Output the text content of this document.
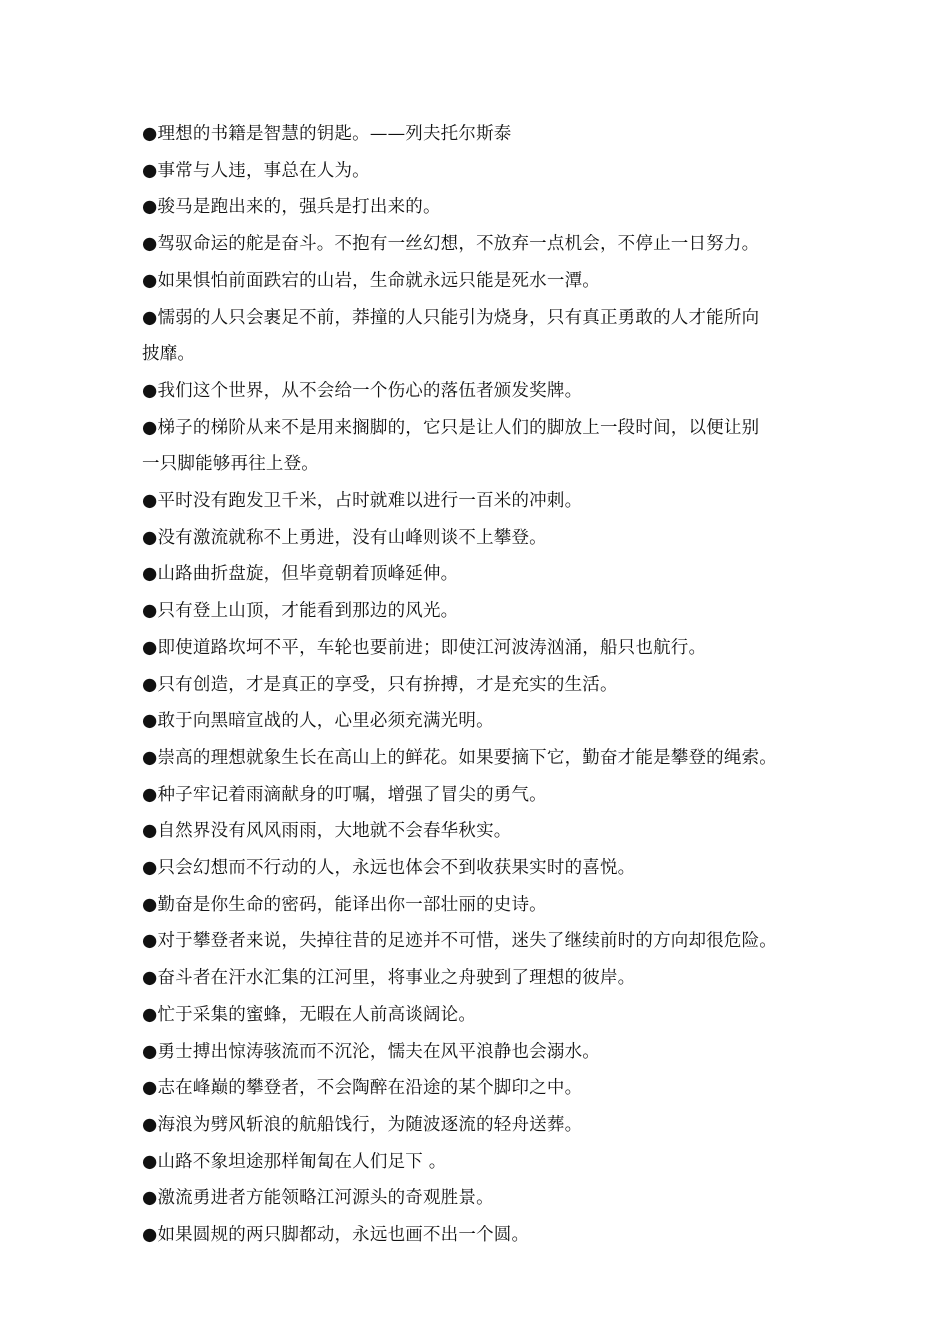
●理想的书籍是智慧的钥匙。——列夫托尔斯泰

●事常与人违，事总在人为。

●骏马是跑出来的，强兵是打出来的。

●驾驭命运的舵是奋斗。不抱有一丝幻想，不放弃一点机会，不停止一日努力。

●如果惧怕前面跌宕的山岩，生命就永远只能是死水一潭。

●懦弱的人只会裹足不前，莽撞的人只能引为烧身，只有真正勇敢的人才能所向

披靡。

●我们这个世界，从不会给一个伤心的落伍者颁发奖牌。

●梯子的梯阶从来不是用来搁脚的，它只是让人们的脚放上一段时间，以便让别

一只脚能够再往上登。

●平时没有跑发卫千米，占时就难以进行一百米的冲刺。

●没有激流就称不上勇进，没有山峰则谈不上攀登。

●山路曲折盘旋，但毕竟朝着顶峰延伸。

●只有登上山顶，才能看到那边的风光。

●即使道路坎坷不平，车轮也要前进；即使江河波涛汹涌，船只也航行。

●只有创造，才是真正的享受，只有拚搏，才是充实的生活。

●敢于向黑暗宣战的人，心里必须充满光明。

●崇高的理想就象生长在高山上的鲜花。如果要摘下它，勤奋才能是攀登的绳索。

●种子牢记着雨滴献身的叮嘱，增强了冒尖的勇气。

●自然界没有风风雨雨，大地就不会春华秋实。

●只会幻想而不行动的人，永远也体会不到收获果实时的喜悦。

●勤奋是你生命的密码，能译出你一部壮丽的史诗。

●对于攀登者来说，失掉往昔的足迹并不可惜，迷失了继续前时的方向却很危险。

●奋斗者在汗水汇集的江河里，将事业之舟驶到了理想的彼岸。

●忙于采集的蜜蜂，无暇在人前高谈阔论。

●勇士搏出惊涛骇流而不沉沦，懦夫在风平浪静也会溺水。

●志在峰巅的攀登者，不会陶醉在沿途的某个脚印之中。

●海浪为劈风斩浪的航船饯行，为随波逐流的轻舟送葬。

●山路不象坦途那样匍匐在人们足下 。

●激流勇进者方能领略江河源头的奇观胜景。

●如果圆规的两只脚都动，永远也画不出一个圆。
